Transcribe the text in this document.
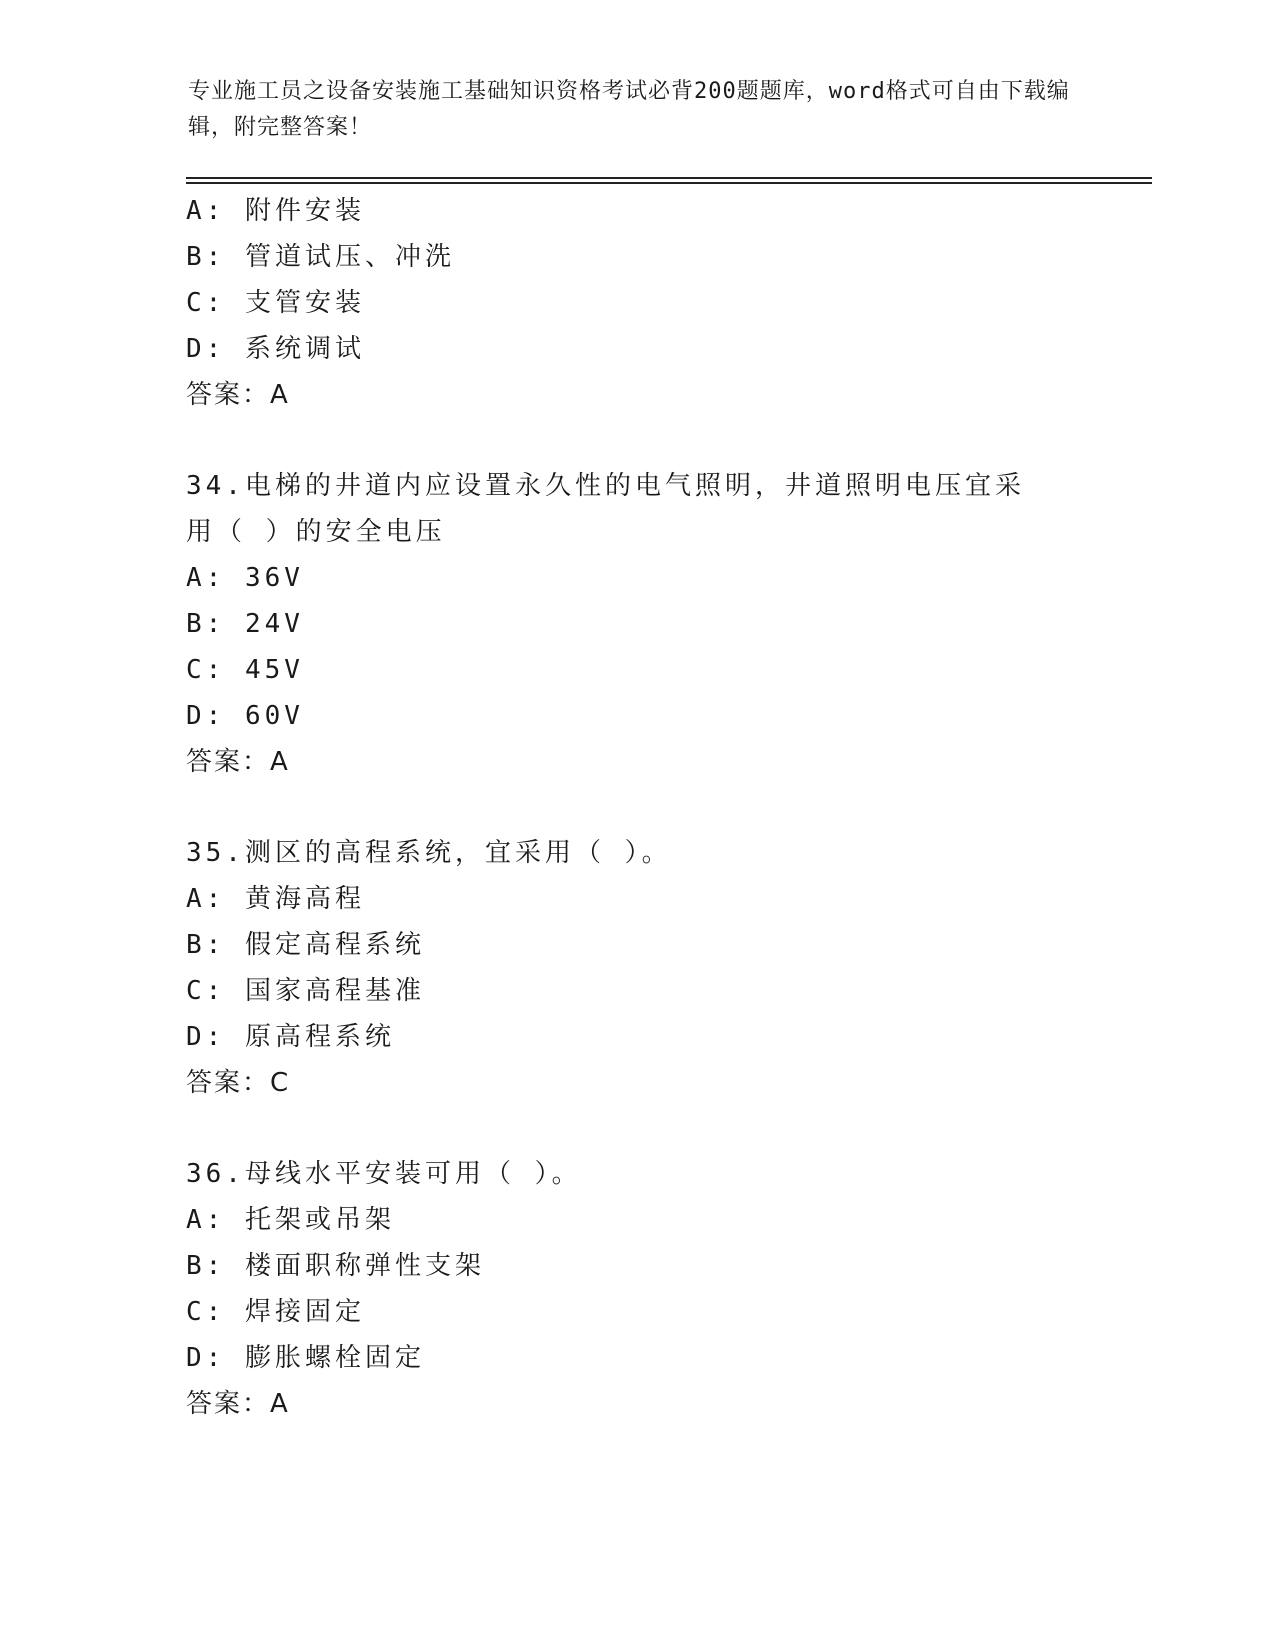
专业施工员之设备安装施工基础知识资格考试必背200题题库，word格式可自由下载编辑，附完整答案！
A: 附件安装
B: 管道试压、冲洗
C: 支管安装
D: 系统调试
答案：A
34.电梯的井道内应设置永久性的电气照明，井道照明电压宜采用（ ）的安全电压
A: 36V
B: 24V
C: 45V
D: 60V
答案：A
35.测区的高程系统，宜采用（ ）。
A: 黄海高程
B: 假定高程系统
C: 国家高程基准
D: 原高程系统
答案：C
36.母线水平安装可用（ ）。
A: 托架或吊架
B: 楼面职称弹性支架
C: 焊接固定
D: 膨胀螺栓固定
答案：A
